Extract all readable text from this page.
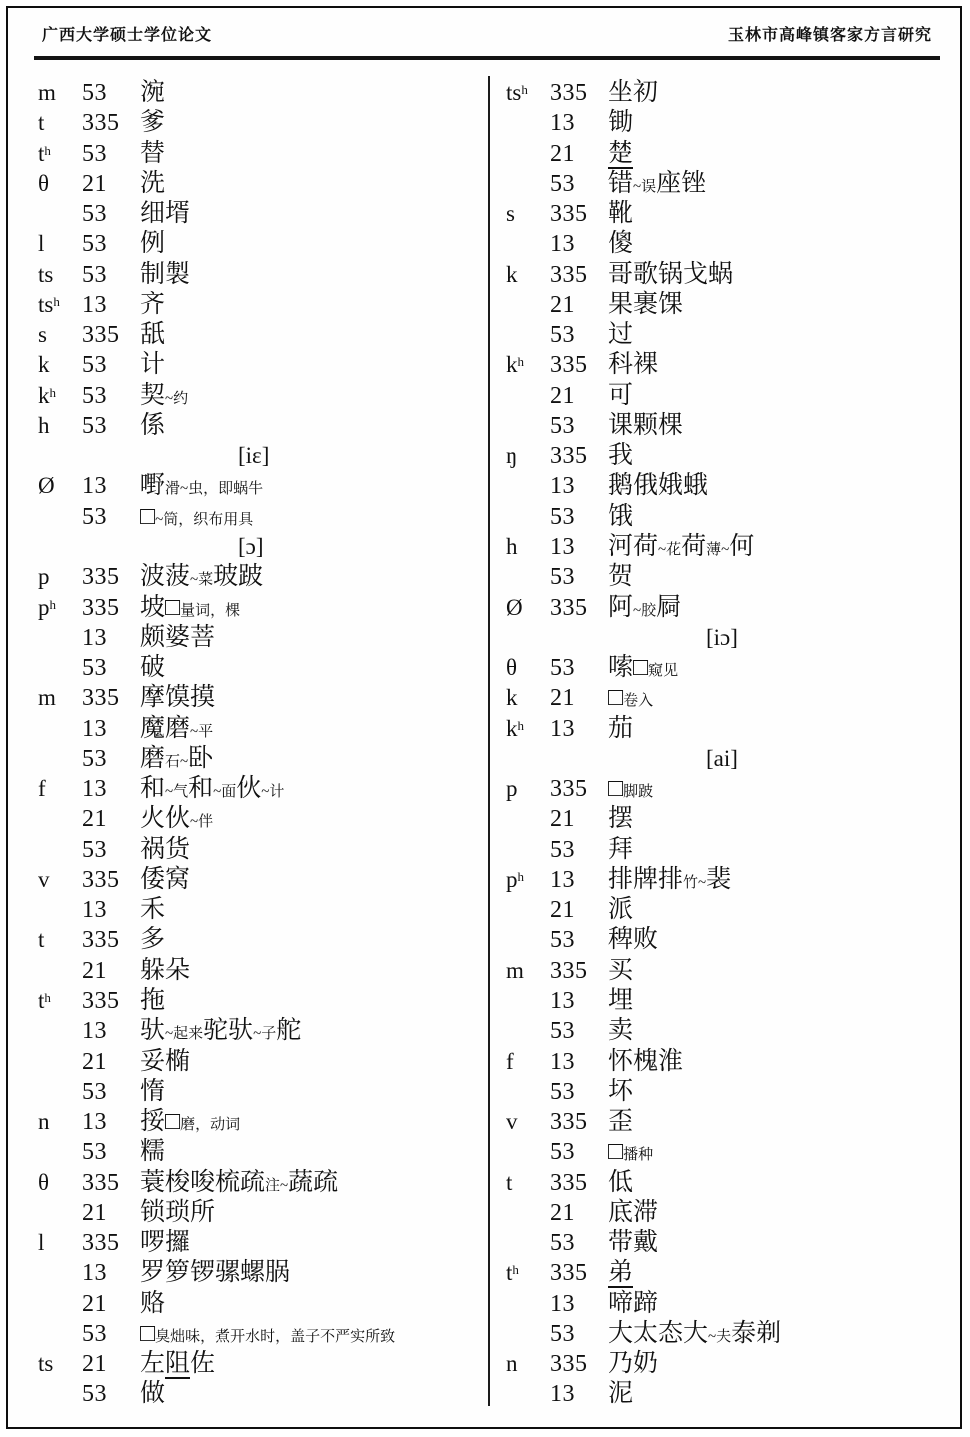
广西大学硕士学位论文	玉林市高峰镇客家方言研究
m 53 涴
t 335 爹
$t^h$ 53 替
θ 21 洗
53 细壻
l 53 例
ts 53 制製
$ts^h$ 13 齐
s 335 舐
k 53 计
$k^h$ 53 契~约
h 53 係
[iɛ]
Ø 13 嘢滑~虫，即蜗牛
53 □~筒，织布用具
[ɔ]
p 335 波菠~菜玻跛
$p^h$ 335 坡□量词，棵
13 颇婆菩
53 破
m 335 摩馍摸
13 魔磨~平
53 磨石~卧
f 13 和~气和~面伙~计
21 火伙~伴
53 祸货
v 335 倭窝
13 禾
t 335 多
21 躲朵
$t^h$ 335 拖
13 驮~起来驼驮~子舵
21 妥椭
53 惰
n 13 挼□磨，动词
53 糯
θ 335 蓑梭唆梳疏注~蔬疏
21 锁琐所
l 335 啰攞
13 罗箩锣骡螺脶
21 赂
53 □臭炪味，煮开水时，盖子不严实所致
ts 21 左阻佐
53 做
$ts^h$ 335 坐初
13 锄
21 楚
53 错~误座锉
s 335 靴
13 傻
k 335 哥歌锅戈蜗
21 果裹馃
53 过
$k^h$ 335 科裸
21 可
53 课颗棵
ŋ 335 我
13 鹅俄娥蛾
53 饿
h 13 河荷~花荷薄~何
53 贺
Ø 335 阿~胶屙
[iɔ]
θ 53 嗦□窥见
k 21 □卷入
$k^h$ 13 茄
[ai]
p 335 □脚跛
21 摆
53 拜
$p^h$ 13 排牌排竹~裴
21 派
53 稗败
m 335 买
13 埋
53 卖
f 13 怀槐淮
53 坏
v 335 歪
53 □播种
t 335 低
21 底滞
53 带戴
$t^h$ 335 弟
13 啼蹄
53 大太态大~夫泰剃
n 335 乃奶
13 泥
